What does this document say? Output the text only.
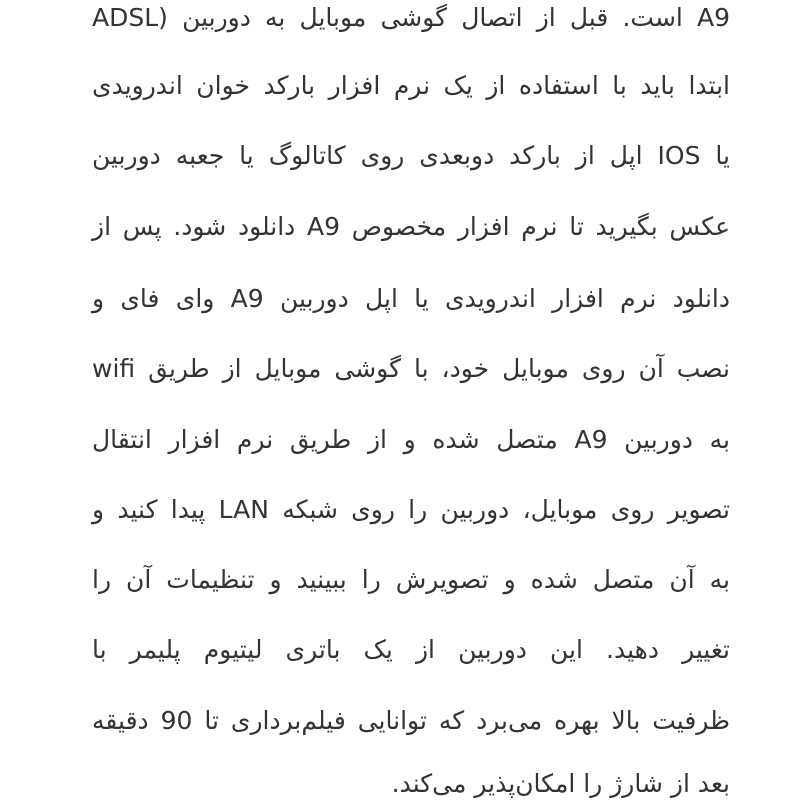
ADSL) است. قبل از اتصال گوشی موبایل به دوربین A9
ابتدا باید با استفاده از یک نرم افزار بارکد خوان اندرویدی
یا IOS اپل از بارکد دوبعدی روی کاتالوگ یا جعبه دوربین
عکس بگیرید تا نرم افزار مخصوص A9 دانلود شود. پس از
دانلود نرم افزار اندرویدی یا اپل دوربین A9 وای فای و
نصب آن روی موبایل خود، با گوشی موبایل از طریق wifi
به دوربین A9 متصل شده و از طریق نرم افزار انتقال
تصویر روی موبایل، دوربین را روی شبکه LAN پیدا کنید و
به آن متصل شده و تصویرش را ببینید و تنظیمات آن را
تغییر دهید. این دوربین از یک باتری لیتیوم پلیمر با
ظرفیت بالا بهره می‌برد که توانایی فیلم‌برداری تا 90 دقیقه
بعد از شارژ را امکان‌پذیر می‌کند.
